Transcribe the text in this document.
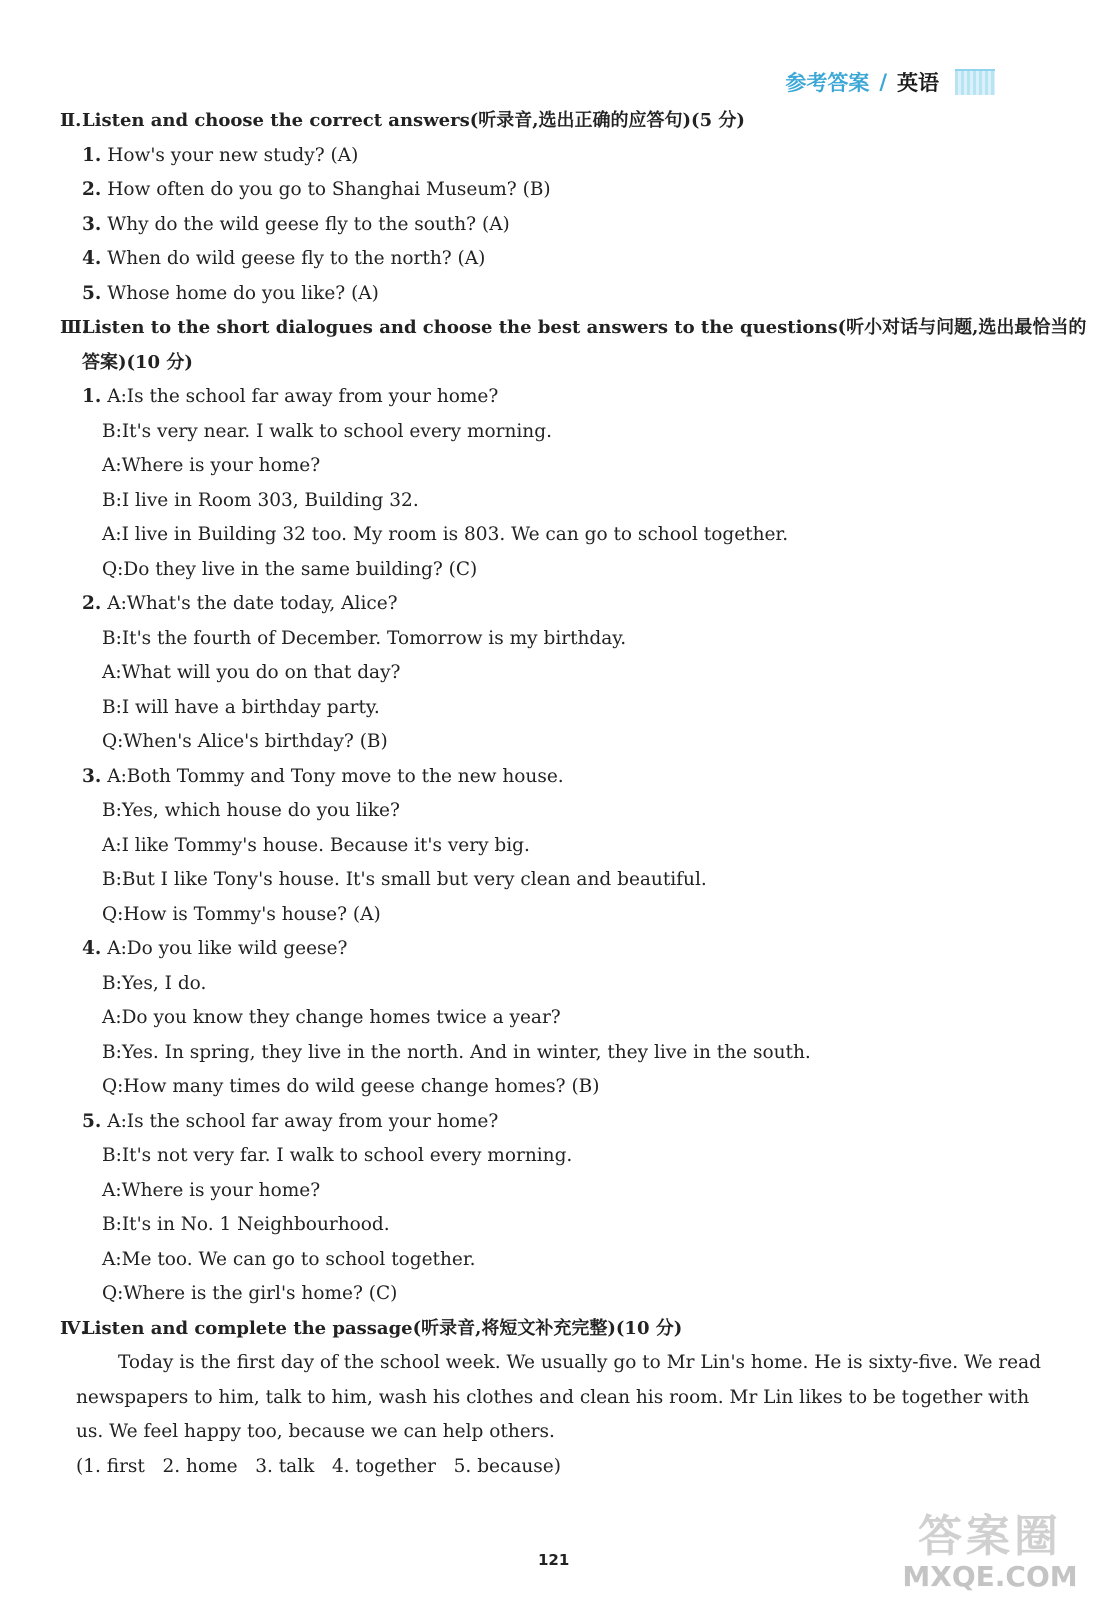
参考答案 / 英语
Ⅱ.Listen and choose the correct answers(听录音,选出正确的应答句)(5 分)
1. How's your new study? (A)
2. How often do you go to Shanghai Museum? (B)
3. Why do the wild geese fly to the south? (A)
4. When do wild geese fly to the north? (A)
5. Whose home do you like? (A)
Ⅲ.Listen to the short dialogues and choose the best answers to the questions(听小对话与问题,选出最恰当的
答案)(10 分)
1. A:Is the school far away from your home?
B:It's very near. I walk to school every morning.
A:Where is your home?
B:I live in Room 303, Building 32.
A:I live in Building 32 too. My room is 803. We can go to school together.
Q:Do they live in the same building? (C)
2. A:What's the date today, Alice?
B:It's the fourth of December. Tomorrow is my birthday.
A:What will you do on that day?
B:I will have a birthday party.
Q:When's Alice's birthday? (B)
3. A:Both Tommy and Tony move to the new house.
B:Yes, which house do you like?
A:I like Tommy's house. Because it's very big.
B:But I like Tony's house. It's small but very clean and beautiful.
Q:How is Tommy's house? (A)
4. A:Do you like wild geese?
B:Yes, I do.
A:Do you know they change homes twice a year?
B:Yes. In spring, they live in the north. And in winter, they live in the south.
Q:How many times do wild geese change homes? (B)
5. A:Is the school far away from your home?
B:It's not very far. I walk to school every morning.
A:Where is your home?
B:It's in No. 1 Neighbourhood.
A:Me too. We can go to school together.
Q:Where is the girl's home? (C)
Ⅳ.Listen and complete the passage(听录音,将短文补充完整)(10 分)
Today is the first day of the school week. We usually go to Mr Lin's home. He is sixty-five. We read
newspapers to him, talk to him, wash his clothes and clean his room. Mr Lin likes to be together with
us. We feel happy too, because we can help others.
(1. first   2. home   3. talk   4. together   5. because)
121	答案圈
MXQE.COM
